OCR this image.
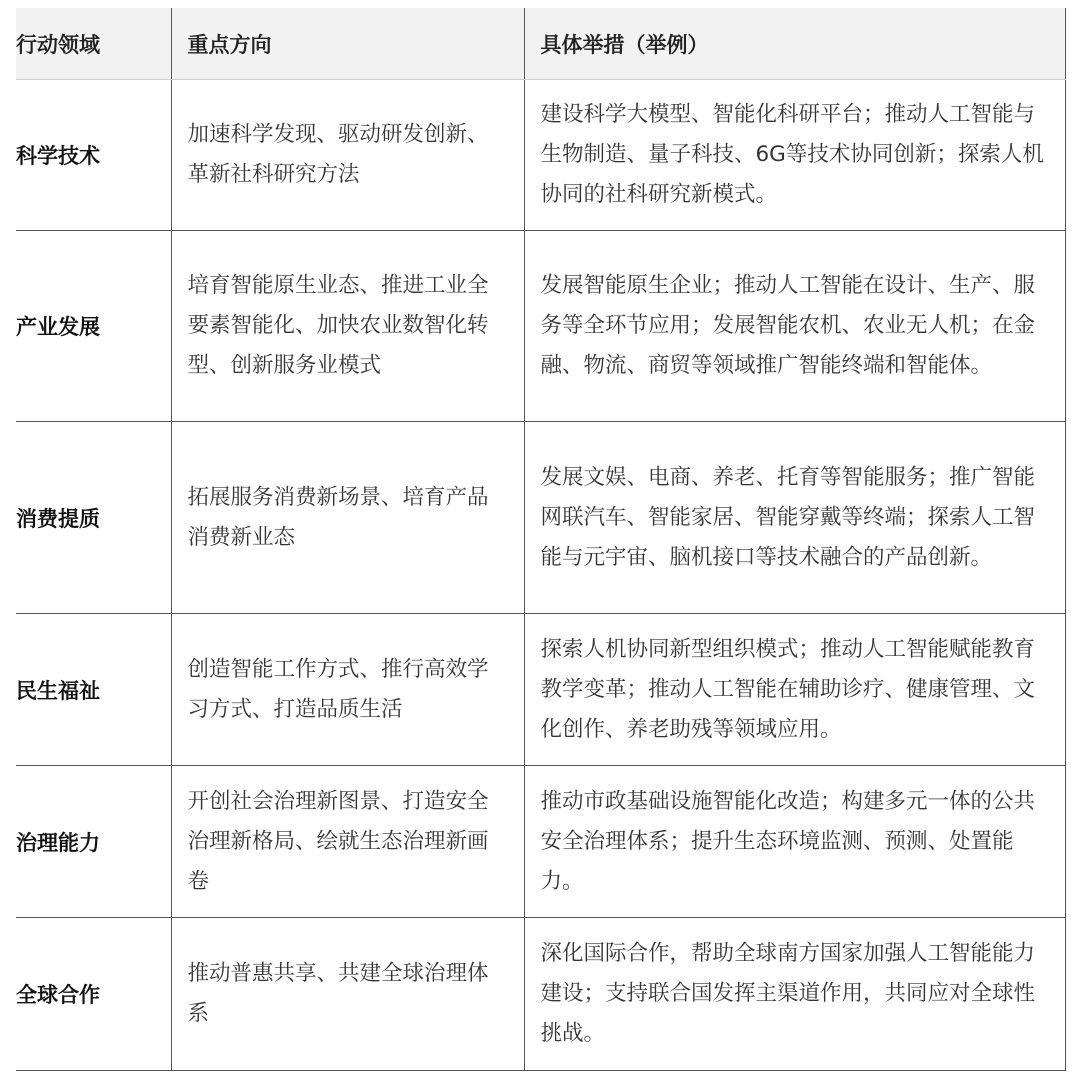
行动领域	重点方向	具体举措（举例）
科学技术	加速科学发现、驱动研发创新、革新社科研究方法	建设科学大模型、智能化科研平台；推动人工智能与生物制造、量子科技、6G等技术协同创新；探索人机协同的社科研究新模式。
产业发展	培育智能原生业态、推进工业全要素智能化、加快农业数智化转型、创新服务业模式	发展智能原生企业；推动人工智能在设计、生产、服务等全环节应用；发展智能农机、农业无人机；在金融、物流、商贸等领域推广智能终端和智能体。
消费提质	拓展服务消费新场景、培育产品消费新业态	发展文娱、电商、养老、托育等智能服务；推广智能网联汽车、智能家居、智能穿戴等终端；探索人工智能与元宇宙、脑机接口等技术融合的产品创新。
民生福祉	创造智能工作方式、推行高效学习方式、打造品质生活	探索人机协同新型组织模式；推动人工智能赋能教育教学变革；推动人工智能在辅助诊疗、健康管理、文化创作、养老助残等领域应用。
治理能力	开创社会治理新图景、打造安全治理新格局、绘就生态治理新画卷	推动市政基础设施智能化改造；构建多元一体的公共安全治理体系；提升生态环境监测、预测、处置能力。
全球合作	推动普惠共享、共建全球治理体系	深化国际合作，帮助全球南方国家加强人工智能能力建设；支持联合国发挥主渠道作用，共同应对全球性挑战。
